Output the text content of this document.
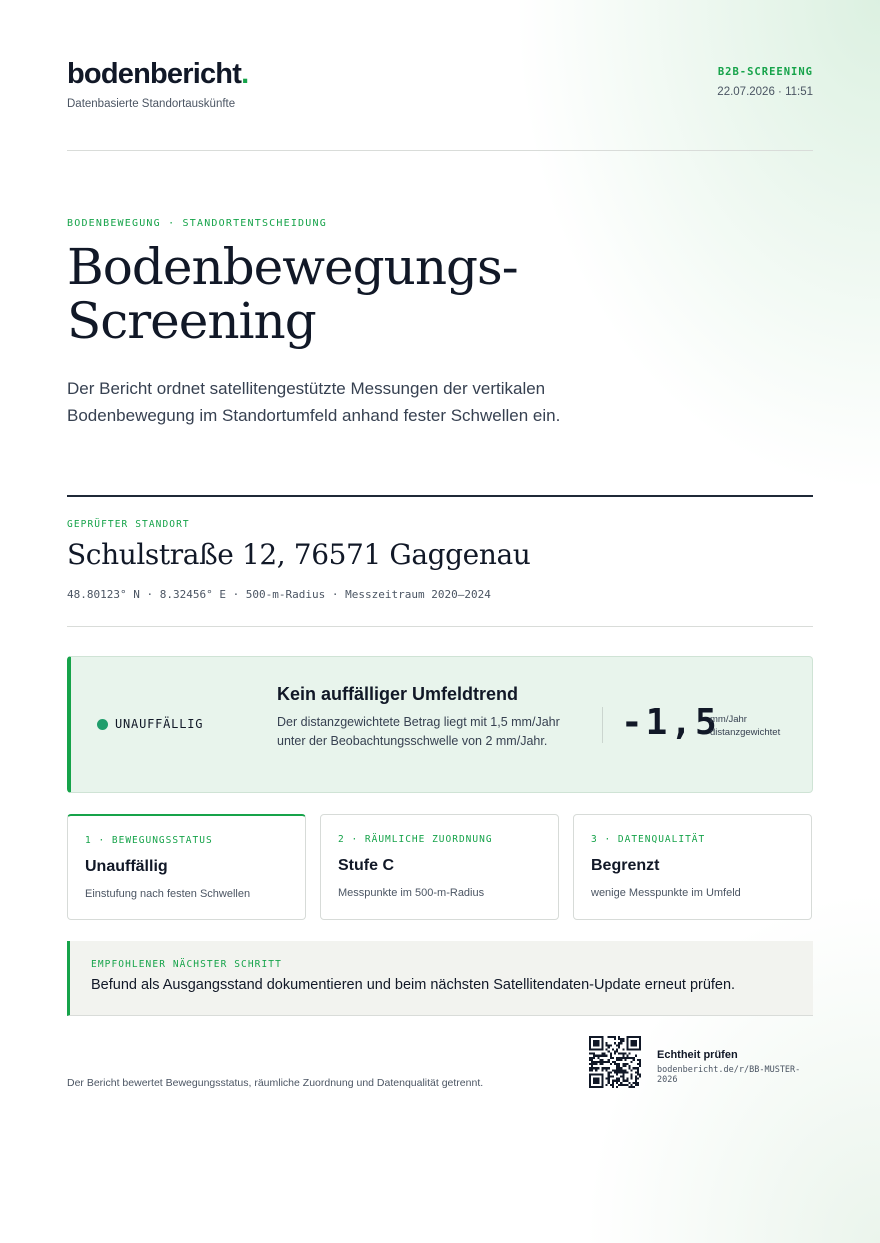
bodenbericht.
Datenbasierte Standortauskünfte
B2B-SCREENING
22.07.2026 · 11:51
BODENBEWEGUNG · STANDORTENTSCHEIDUNG
Bodenbewegungs-
Screening

Der Bericht ordnet satellitengestützte Messungen der vertikalen Bodenbewegung im Standortumfeld anhand fester Schwellen ein.

GEPRÜFTER STANDORT
Schulstraße 12, 76571 Gaggenau
48.80123° N · 8.32456° E · 500-m-Radius · Messzeitraum 2020–2024
UNAUFFÄLLIG
Kein auffälliger Umfeldtrend
Der distanzgewichtete Betrag liegt mit 1,5 mm/Jahr unter der Beobachtungsschwelle von 2 mm/Jahr.	-1,5
mm/Jahr
distanzgewichtet
1 · BEWEGUNGSSTATUS
Unauffällig
Einstufung nach festen Schwellen
2 · RÄUMLICHE ZUORDNUNG
Stufe C
Messpunkte im 500-m-Radius
3 · DATENQUALITÄT
Begrenzt
wenige Messpunkte im Umfeld
EMPFOHLENER NÄCHSTER SCHRITT
Befund als Ausgangsstand dokumentieren und beim nächsten Satellitendaten-Update erneut prüfen.
Der Bericht bewertet Bewegungsstatus, räumliche Zuordnung und Datenqualität getrennt.
Echtheit prüfen
bodenbericht.de/r/BB-MUSTER-2026
